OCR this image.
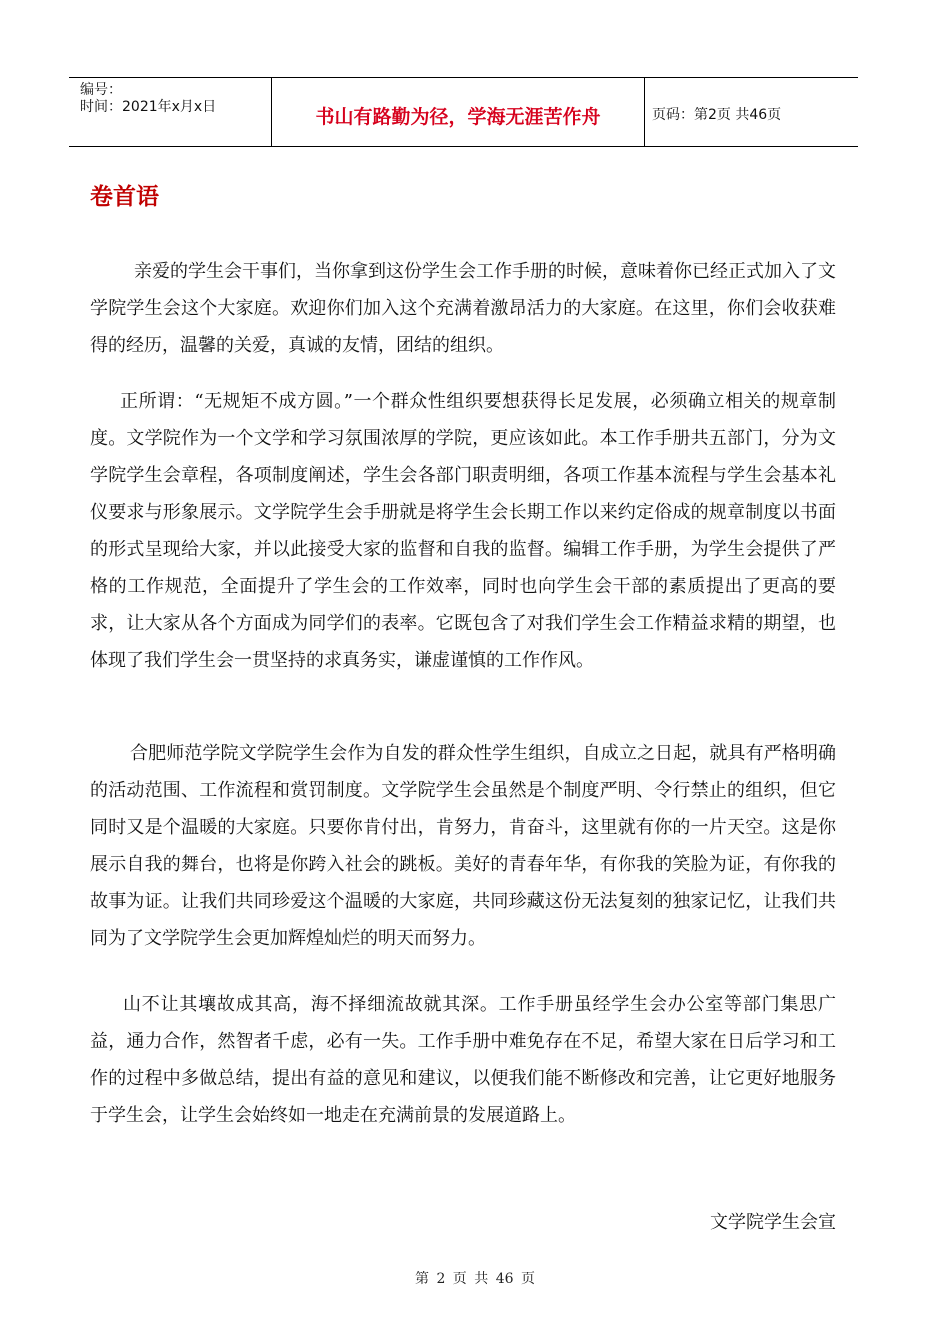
编号：
时间：2021年x月x日	书山有路勤为径，学海无涯苦作舟	页码：第2页 共46页
卷首语

亲爱的学生会干事们，当你拿到这份学生会工作手册的时候，意味着你已经正式加入了文学院学生会这个大家庭。欢迎你们加入这个充满着激昂活力的大家庭。在这里，你们会收获难得的经历，温馨的关爱，真诚的友情，团结的组织。

正所谓：“无规矩不成方圆。”一个群众性组织要想获得长足发展，必须确立相关的规章制度。文学院作为一个文学和学习氛围浓厚的学院，更应该如此。本工作手册共五部门，分为文学院学生会章程，各项制度阐述，学生会各部门职责明细，各项工作基本流程与学生会基本礼仪要求与形象展示。文学院学生会手册就是将学生会长期工作以来约定俗成的规章制度以书面的形式呈现给大家，并以此接受大家的监督和自我的监督。编辑工作手册，为学生会提供了严格的工作规范，全面提升了学生会的工作效率，同时也向学生会干部的素质提出了更高的要求，让大家从各个方面成为同学们的表率。它既包含了对我们学生会工作精益求精的期望，也体现了我们学生会一贯坚持的求真务实，谦虚谨慎的工作作风。

合肥师范学院文学院学生会作为自发的群众性学生组织，自成立之日起，就具有严格明确的活动范围、工作流程和赏罚制度。文学院学生会虽然是个制度严明、令行禁止的组织，但它同时又是个温暖的大家庭。只要你肯付出，肯努力，肯奋斗，这里就有你的一片天空。这是你展示自我的舞台，也将是你跨入社会的跳板。美好的青春年华，有你我的笑脸为证，有你我的故事为证。让我们共同珍爱这个温暖的大家庭，共同珍藏这份无法复刻的独家记忆，让我们共同为了文学院学生会更加辉煌灿烂的明天而努力。

山不让其壤故成其高，海不择细流故就其深。工作手册虽经学生会办公室等部门集思广益，通力合作，然智者千虑，必有一失。工作手册中难免存在不足，希望大家在日后学习和工作的过程中多做总结，提出有益的意见和建议，以便我们能不断修改和完善，让它更好地服务于学生会，让学生会始终如一地走在充满前景的发展道路上。

文学院学生会宣
第 2 页 共 46 页
